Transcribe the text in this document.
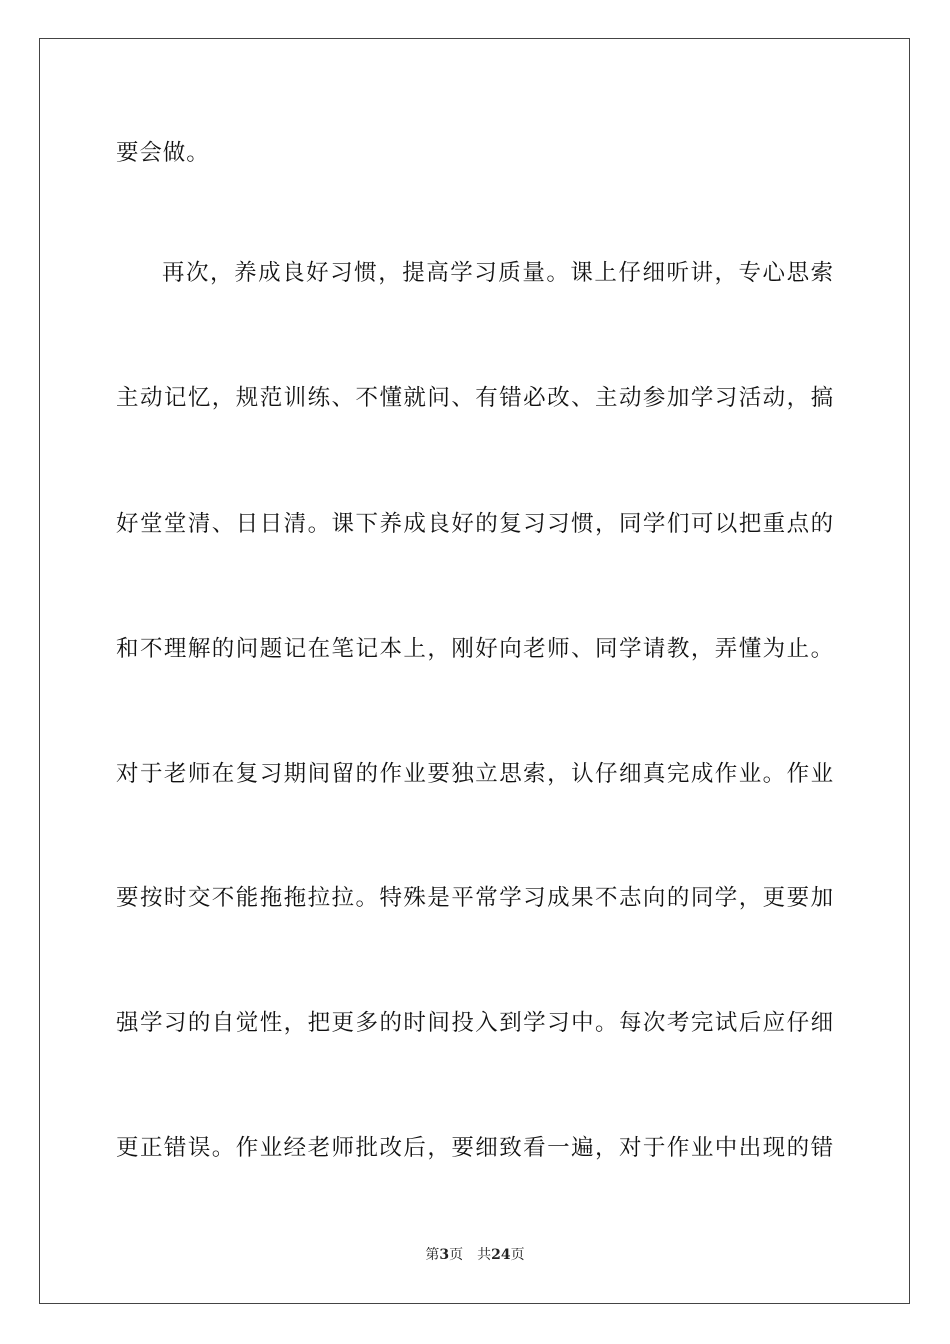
要会做。
再次，养成良好习惯，提高学习质量。课上仔细听讲，专心思索
主动记忆，规范训练、不懂就问、有错必改、主动参加学习活动，搞
好堂堂清、日日清。课下养成良好的复习习惯，同学们可以把重点的
和不理解的问题记在笔记本上，刚好向老师、同学请教，弄懂为止。
对于老师在复习期间留的作业要独立思索，认仔细真完成作业。作业
要按时交不能拖拖拉拉。特殊是平常学习成果不志向的同学，更要加
强学习的自觉性，把更多的时间投入到学习中。每次考完试后应仔细
更正错误。作业经老师批改后，要细致看一遍，对于作业中出现的错
第3页 共24页
